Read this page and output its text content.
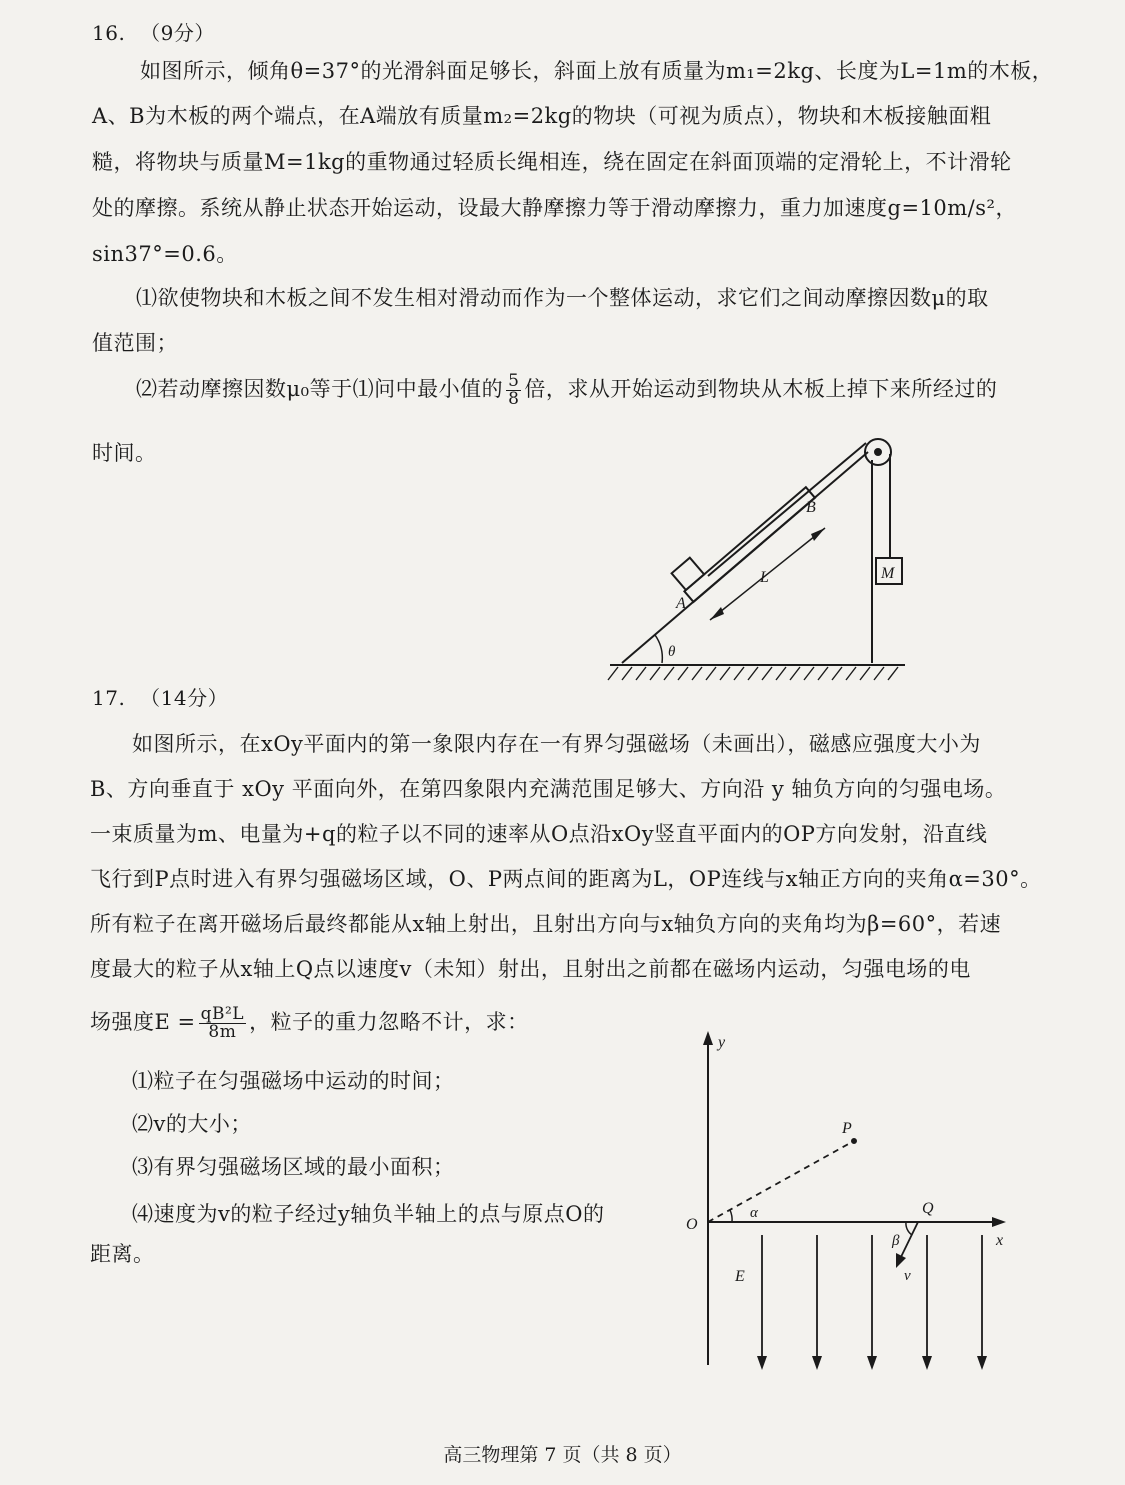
16. （9分）
如图所示，倾角θ=37°的光滑斜面足够长，斜面上放有质量为m₁=2kg、长度为L=1m的木板，
A、B为木板的两个端点，在A端放有质量m₂=2kg的物块（可视为质点），物块和木板接触面粗
糙，将物块与质量M=1kg的重物通过轻质长绳相连，绕在固定在斜面顶端的定滑轮上，不计滑轮
处的摩擦。系统从静止状态开始运动，设最大静摩擦力等于滑动摩擦力，重力加速度g=10m/s²，
sin37°=0.6。
⑴欲使物块和木板之间不发生相对滑动而作为一个整体运动，求它们之间动摩擦因数μ的取
值范围；
⑵若动摩擦因数μ₀等于⑴问中最小值的 $\frac{5}{8}$ 倍，求从开始运动到物块从木板上掉下来所经过的
时间。
B
A
L
θ
M
17. （14分）
如图所示，在xOy平面内的第一象限内存在一有界匀强磁场（未画出），磁感应强度大小为
B、方向垂直于 xOy 平面向外，在第四象限内充满范围足够大、方向沿 y 轴负方向的匀强电场。
一束质量为m、电量为+q的粒子以不同的速率从O点沿xOy竖直平面内的OP方向发射，沿直线
飞行到P点时进入有界匀强磁场区域，O、P两点间的距离为L，OP连线与x轴正方向的夹角α=30°。
所有粒子在离开磁场后最终都能从x轴上射出，且射出方向与x轴负方向的夹角均为β=60°，若速
度最大的粒子从x轴上Q点以速度v（未知）射出，且射出之前都在磁场内运动，匀强电场的电
场强度$E = \frac{\text{qB²L}}{8m}$ ，粒子的重力忽略不计，求：
⑴粒子在匀强磁场中运动的时间；
⑵v的大小；
⑶有界匀强磁场区域的最小面积；
⑷速度为v的粒子经过y轴负半轴上的点与原点O的
距离。
y
x
O
P
Q
α
β
v
E
高三物理第 7 页（共 8 页）
